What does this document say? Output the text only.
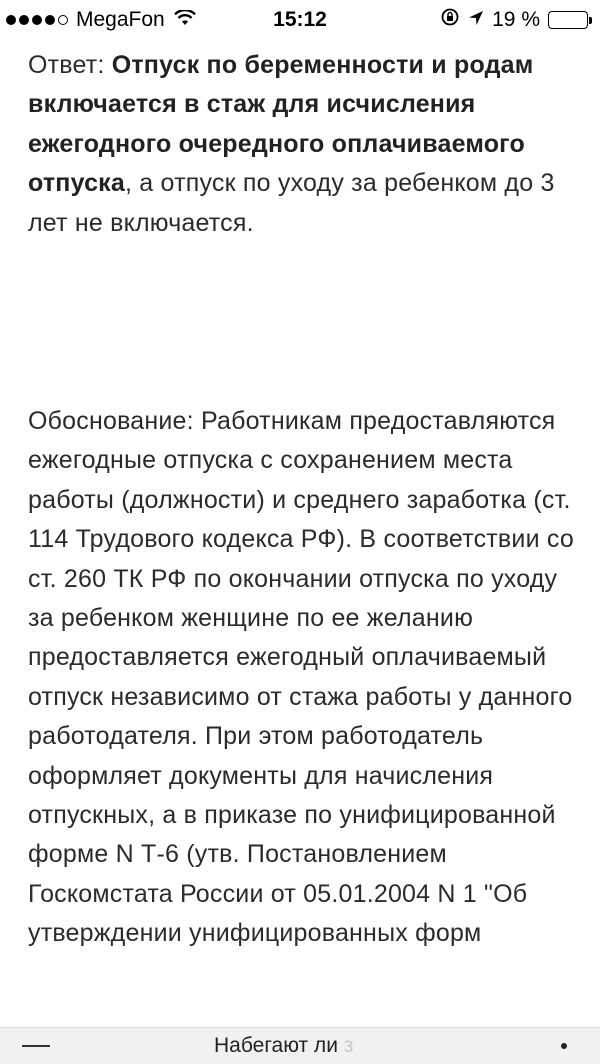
MegaFon	15:12	19 %

Ответ: Отпуск по беременности и родам включается в стаж для исчисления ежегодного очередного оплачиваемого отпуска, а отпуск по уходу за ребенком до 3 лет не включается.

Обоснование: Работникам предоставляются ежегодные отпуска с сохранением места работы (должности) и среднего заработка (ст. 114 Трудового кодекса РФ). В соответствии со ст. 260 ТК РФ по окончании отпуска по уходу за ребенком женщине по ее желанию предоставляется ежегодный оплачиваемый отпуск независимо от стажа работы у данного работодателя. При этом работодатель оформляет документы для начисления отпускных, а в приказе по унифицированной форме N Т-6 (утв. Постановлением Госкомстата России от 05.01.2004 N 1 "Об утверждении унифицированных форм

Набегают ли з
